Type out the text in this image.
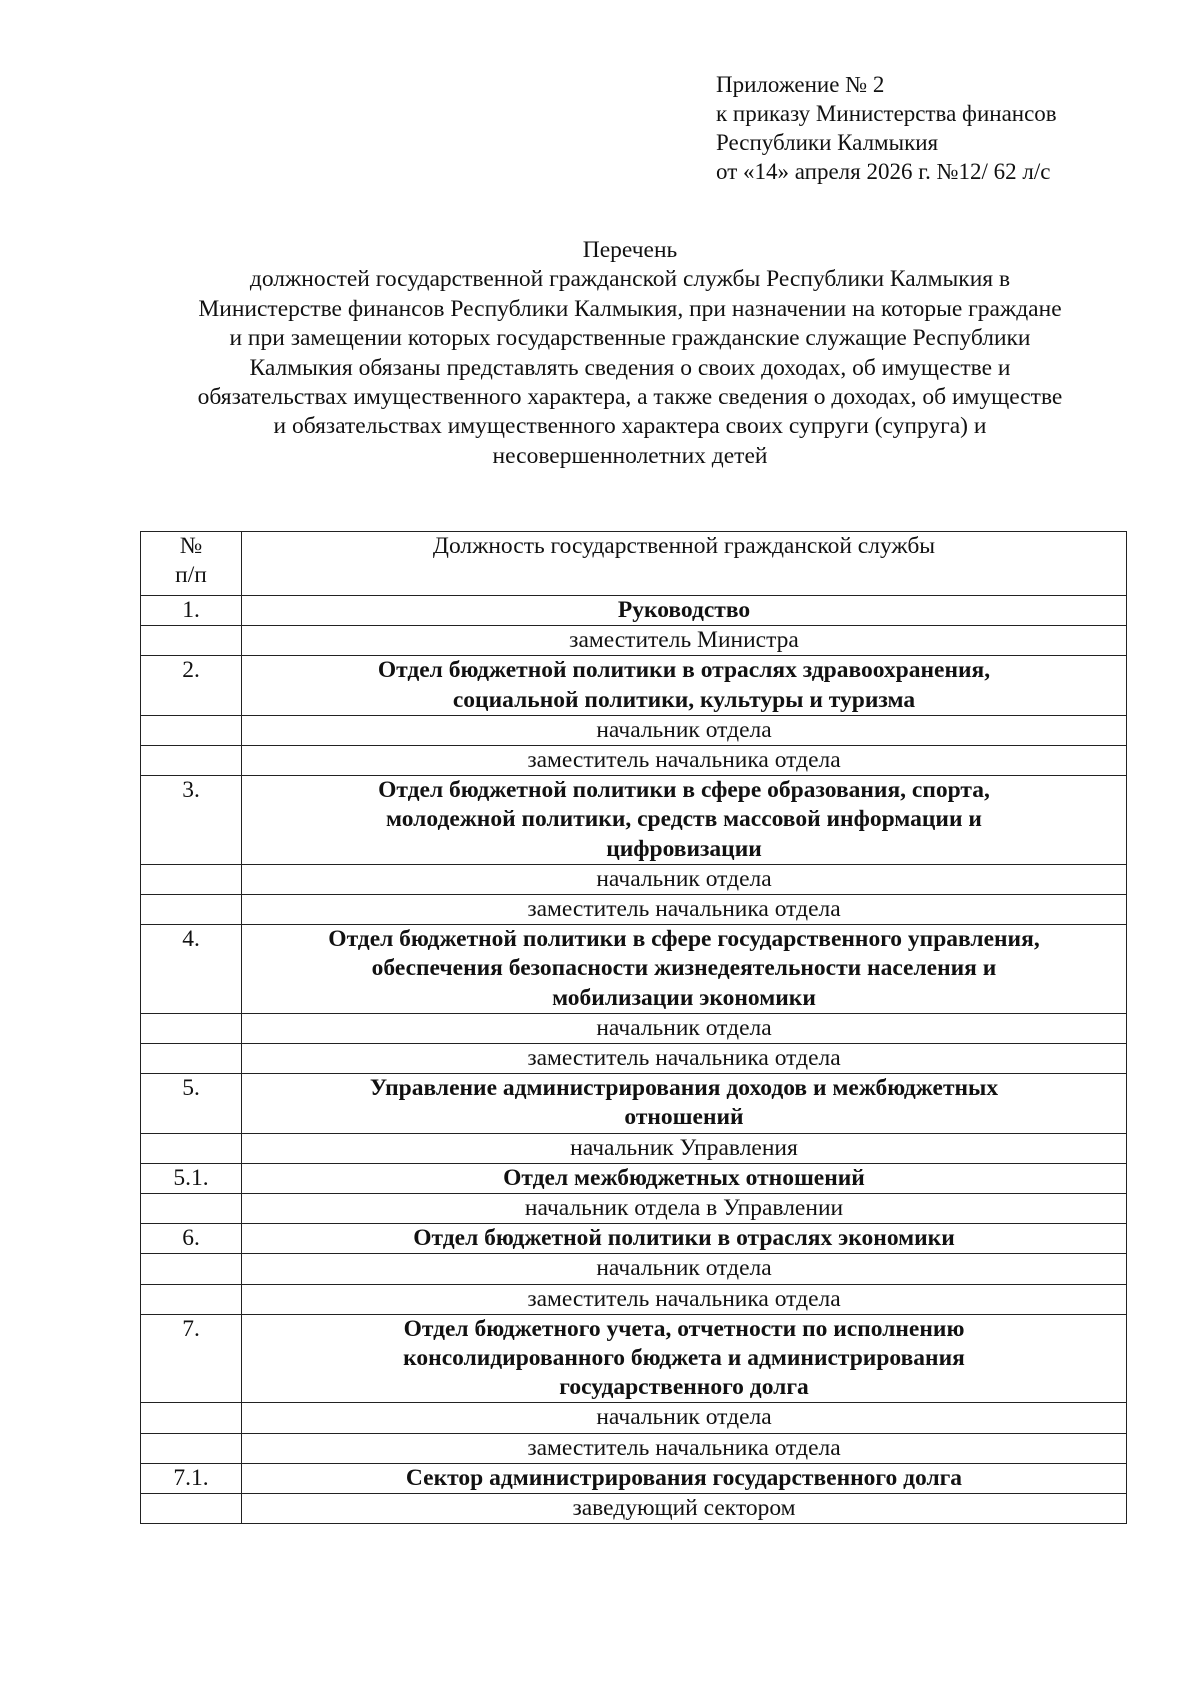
Приложение № 2
к приказу Министерства финансов
Республики Калмыкия
от «14» апреля 2026 г. №12/ 62 л/с
Перечень
должностей государственной гражданской службы Республики Калмыкия в
Министерстве финансов Республики Калмыкия, при назначении на которые граждане
и при замещении которых государственные гражданские служащие Республики
Калмыкия обязаны представлять сведения о своих доходах, об имуществе и
обязательствах имущественного характера, а также сведения о доходах, об имуществе
и обязательствах имущественного характера своих супруги (супруга) и
несовершеннолетних детей
№
п/п	Должность государственной гражданской службы
1.	Руководство

	заместитель Министра

2.	Отдел бюджетной политики в отраслях здравоохранения,
социальной политики, культуры и туризма

	начальник отдела

	заместитель начальника отдела

3.	Отдел бюджетной политики в сфере образования, спорта,
молодежной политики, средств массовой информации и
цифровизации

	начальник отдела

	заместитель начальника отдела

4.	Отдел бюджетной политики в сфере государственного управления,
обеспечения безопасности жизнедеятельности населения и
мобилизации экономики

	начальник отдела

	заместитель начальника отдела

5.	Управление администрирования доходов и межбюджетных
отношений

	начальник Управления

5.1.	Отдел межбюджетных отношений

	начальник отдела в Управлении

6.	Отдел бюджетной политики в отраслях экономики

	начальник отдела

	заместитель начальника отдела

7.	Отдел бюджетного учета, отчетности по исполнению
консолидированного бюджета и администрирования
государственного долга

	начальник отдела

	заместитель начальника отдела

7.1.	Сектор администрирования государственного долга

	заведующий сектором
